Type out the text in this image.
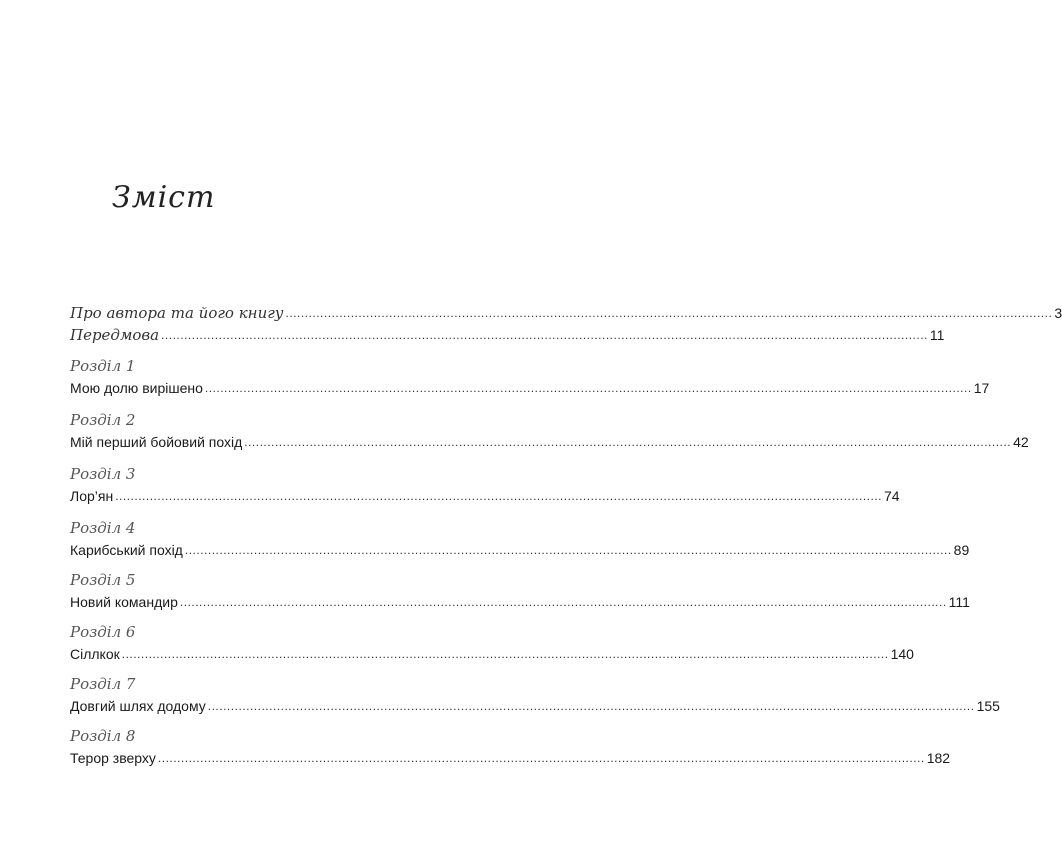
Зміст
Про автора та його книгу ........................................................................................................................................................................................................ 3
Передмова ........................................................................................................................................................................................................ 11
Розділ 1
Мою долю вирішено ........................................................................................................................................................................................................ 17
Розділ 2
Мій перший бойовий похід ........................................................................................................................................................................................................ 42
Розділ 3
Лор’ян ........................................................................................................................................................................................................ 74
Розділ 4
Карибський похід ........................................................................................................................................................................................................ 89
Розділ 5
Новий командир ........................................................................................................................................................................................................ 111
Розділ 6
Сіллкок ........................................................................................................................................................................................................ 140
Розділ 7
Довгий шлях додому ........................................................................................................................................................................................................ 155
Розділ 8
Терор зверху ........................................................................................................................................................................................................ 182
